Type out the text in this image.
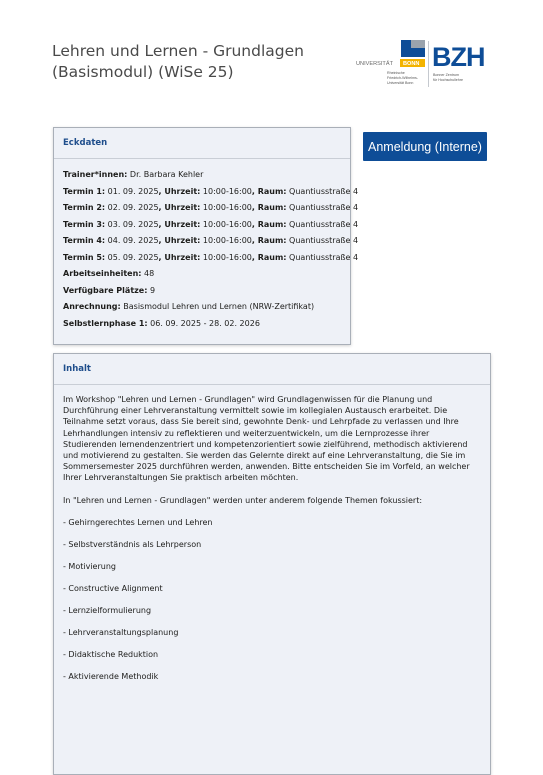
Lehren und Lernen - Grundlagen
(Basismodul) (WiSe 25)	UNIVERSITÄT BONN
Rheinische
Friedrich-Wilhelms-
Universität Bonn
BZH
Bonner Zentrum
für Hochschullehre
Eckdaten
Trainer*innen: Dr. Barbara Kehler
Termin 1: 01. 09. 2025, Uhrzeit: 10:00-16:00, Raum: Quantiusstraße 4
Termin 2: 02. 09. 2025, Uhrzeit: 10:00-16:00, Raum: Quantiusstraße 4
Termin 3: 03. 09. 2025, Uhrzeit: 10:00-16:00, Raum: Quantiusstraße 4
Termin 4: 04. 09. 2025, Uhrzeit: 10:00-16:00, Raum: Quantiusstraße 4
Termin 5: 05. 09. 2025, Uhrzeit: 10:00-16:00, Raum: Quantiusstraße 4
Arbeitseinheiten: 48
Verfügbare Plätze: 9
Anrechnung: Basismodul Lehren und Lernen (NRW-Zertifikat)
Selbstlernphase 1: 06. 09. 2025 - 28. 02. 2026
Anmeldung (Interne)
Inhalt

Im Workshop "Lehren und Lernen - Grundlagen" wird Grundlagenwissen für die Planung und Durchführung einer Lehrveranstaltung vermittelt sowie im kollegialen Austausch erarbeitet. Die Teilnahme setzt voraus, dass Sie bereit sind, gewohnte Denk- und Lehrpfade zu verlassen und Ihre Lehrhandlungen intensiv zu reflektieren und weiterzuentwickeln, um die Lernprozesse ihrer Studierenden lernendenzentriert und kompetenzorientiert sowie zielführend, methodisch aktivierend und motivierend zu gestalten. Sie werden das Gelernte direkt auf eine Lehrveranstaltung, die Sie im Sommersemester 2025 durchführen werden, anwenden. Bitte entscheiden Sie im Vorfeld, an welcher Ihrer Lehrveranstaltungen Sie praktisch arbeiten möchten.

In "Lehren und Lernen - Grundlagen" werden unter anderem folgende Themen fokussiert:

- Gehirngerechtes Lernen und Lehren

- Selbstverständnis als Lehrperson

- Motivierung

- Constructive Alignment

- Lernzielformulierung

- Lehrveranstaltungsplanung

- Didaktische Reduktion

- Aktivierende Methodik
